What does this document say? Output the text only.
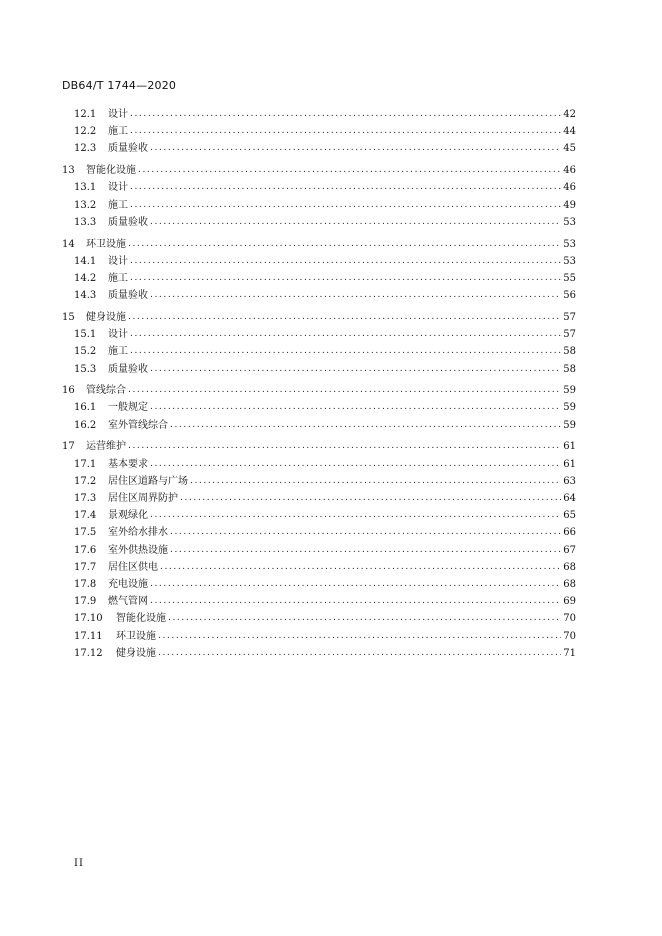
DB64/T 1744—2020
12.1	设计 .....	42
12.2	施工 .....	44
12.3	质量验收 .....	45
13	智能化设施 .....	46
13.1	设计 .....	46
13.2	施工 .....	49
13.3	质量验收 .....	53
14	环卫设施 .....	53
14.1	设计 .....	53
14.2	施工 .....	55
14.3	质量验收 .....	56
15	健身设施 .....	57
15.1	设计 .....	57
15.2	施工 .....	58
15.3	质量验收 .....	58
16	管线综合 .....	59
16.1	一般规定 .....	59
16.2	室外管线综合 .....	59
17	运营维护 .....	61
17.1	基本要求 .....	61
17.2	居住区道路与广场 .....	63
17.3	居住区周界防护 .....	64
17.4	景观绿化 .....	65
17.5	室外给水排水 .....	66
17.6	室外供热设施 .....	67
17.7	居住区供电 .....	68
17.8	充电设施 .....	68
17.9	燃气管网 .....	69
17.10	智能化设施 .....	70
17.11	环卫设施 .....	70
17.12	健身设施 .....	71
II
